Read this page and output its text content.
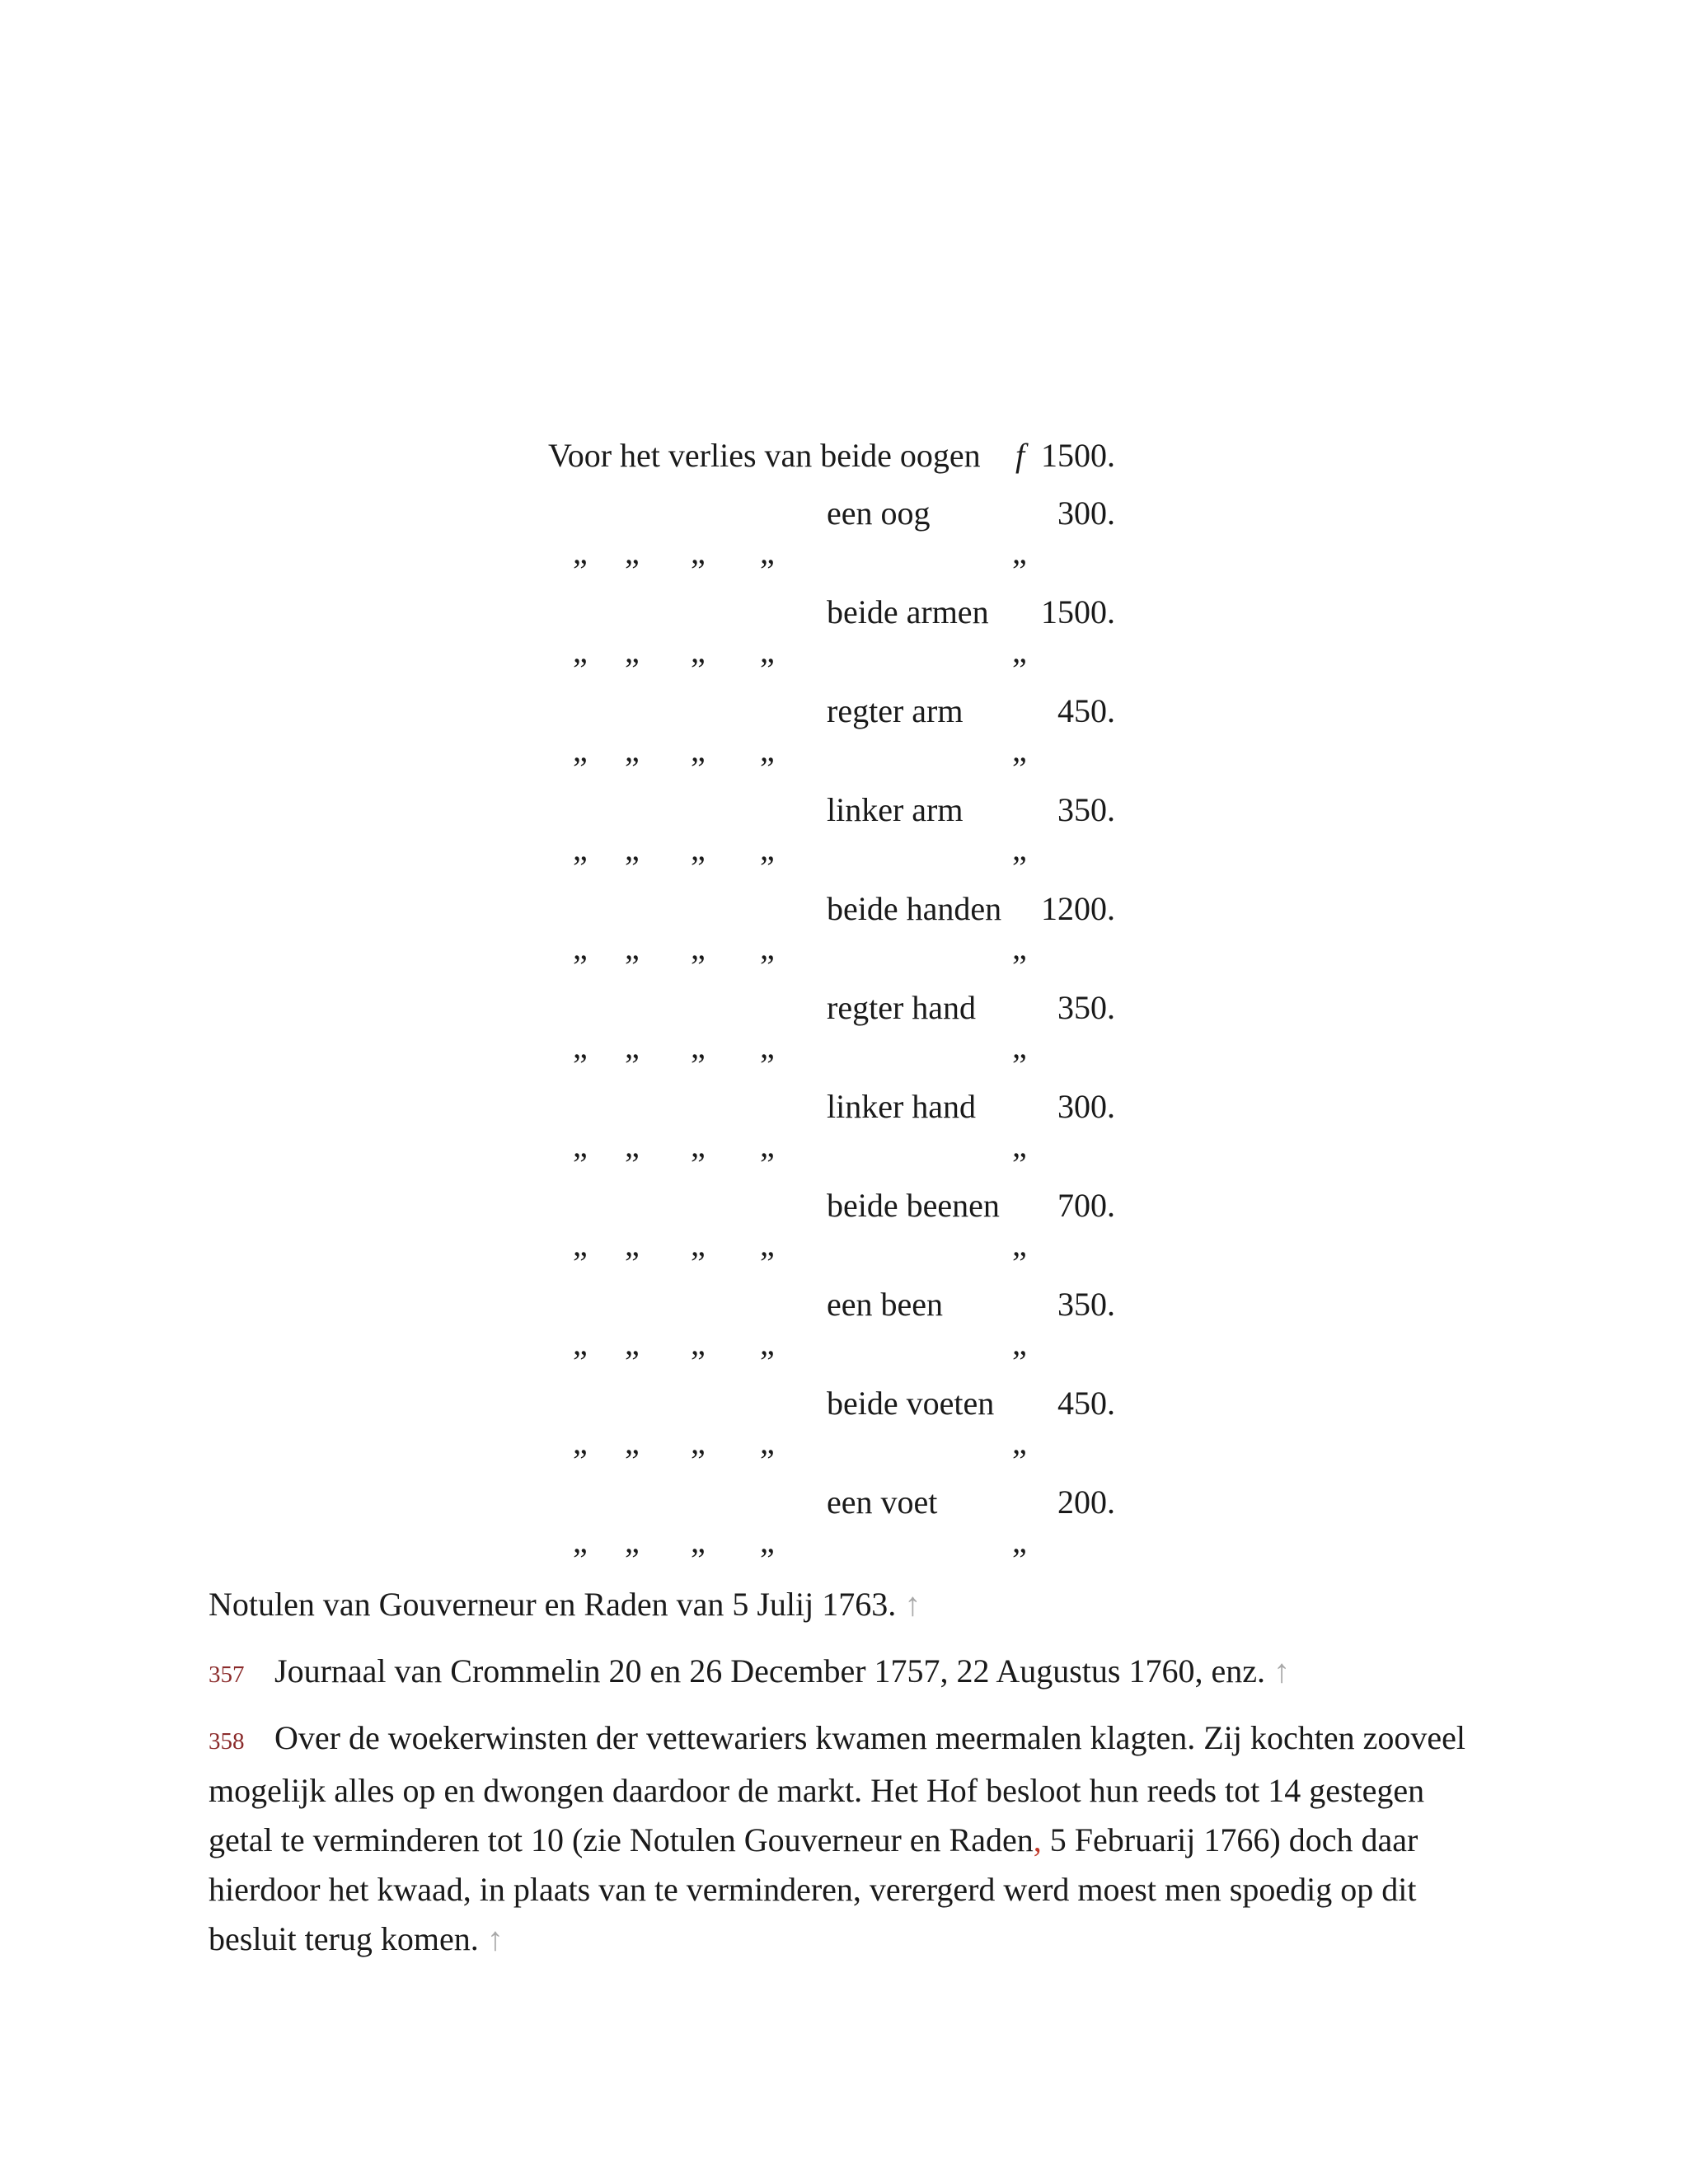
Voor het verlies van beide oogen f 1500.
een oog	300.
” ” ” ”	”
beide armen 1500.
” ” ” ”	”
regter arm	450.
” ” ” ”	”
linker arm	350.
” ” ” ”	”
beide handen 1200.
” ” ” ”	”
regter hand 350.
” ” ” ”	”
linker hand 300.
” ” ” ”	”
beide beenen 700.
” ” ” ”	”
een been	350.
” ” ” ”	”
beide voeten 450.
” ” ” ”	”
een voet	200.
” ” ” ”	”
Notulen van Gouverneur en Raden van 5 Julij 1763. ↑
357 Journaal van Crommelin 20 en 26 December 1757, 22 Augustus 1760, enz. ↑
358 Over de woekerwinsten der vettewariers kwamen meermalen klagten. Zij kochten zooveel mogelijk alles op en dwongen daardoor de markt. Het Hof besloot hun reeds tot 14 gestegen getal te verminderen tot 10 (zie Notulen Gouverneur en Raden, 5 Februarij 1766) doch daar hierdoor het kwaad, in plaats van te verminderen, verergerd werd moest men spoedig op dit besluit terug komen. ↑
